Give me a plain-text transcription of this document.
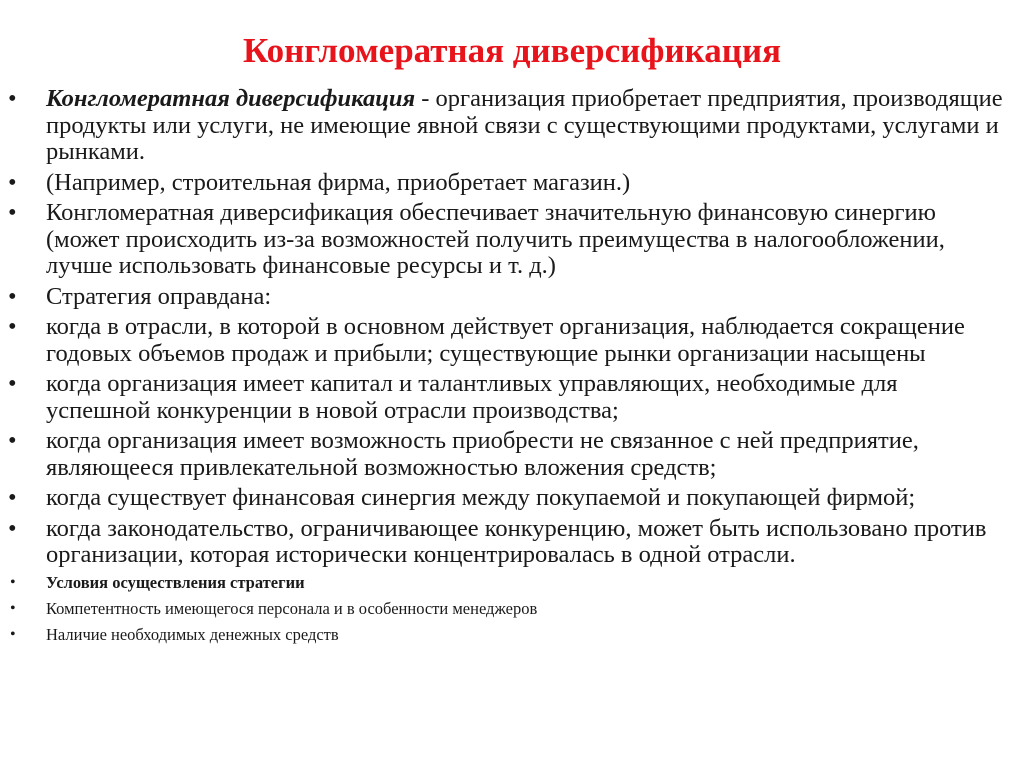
Конгломератная диверсификация
•	Конгломератная диверсификация - организация приобретает предприятия, производящие продукты или услуги, не имеющие явной связи с существующими продуктами, услугами и рынками.
•	(Например, строительная фирма, приобретает магазин.)
•	Конгломератная диверсификация обеспечивает значительную финансовую синергию (может происходить из-за возможностей получить преимущества в налогообложении, лучше использовать финансовые ресурсы и т. д.)
•	Стратегия оправдана:
•	когда в отрасли, в которой в основном действует организация, наблюдается сокращение годовых объемов продаж и прибыли; существующие рынки организации насыщены
•	когда организация имеет капитал и талантливых управляющих, необходимые для успешной конкуренции в новой отрасли производства;
•	когда организация имеет возможность приобрести не связанное с ней предприятие, являющееся привлекательной возможностью вложения средств;
•	когда существует финансовая синергия между покупаемой и покупающей фирмой;
•	когда законодательство, ограничивающее конкуренцию, может быть использовано против организации, которая исторически концентрировалась в одной отрасли.
•	Условия осуществления стратегии
•	Компетентность имеющегося персонала и в особенности менеджеров
•	Наличие необходимых денежных средств
